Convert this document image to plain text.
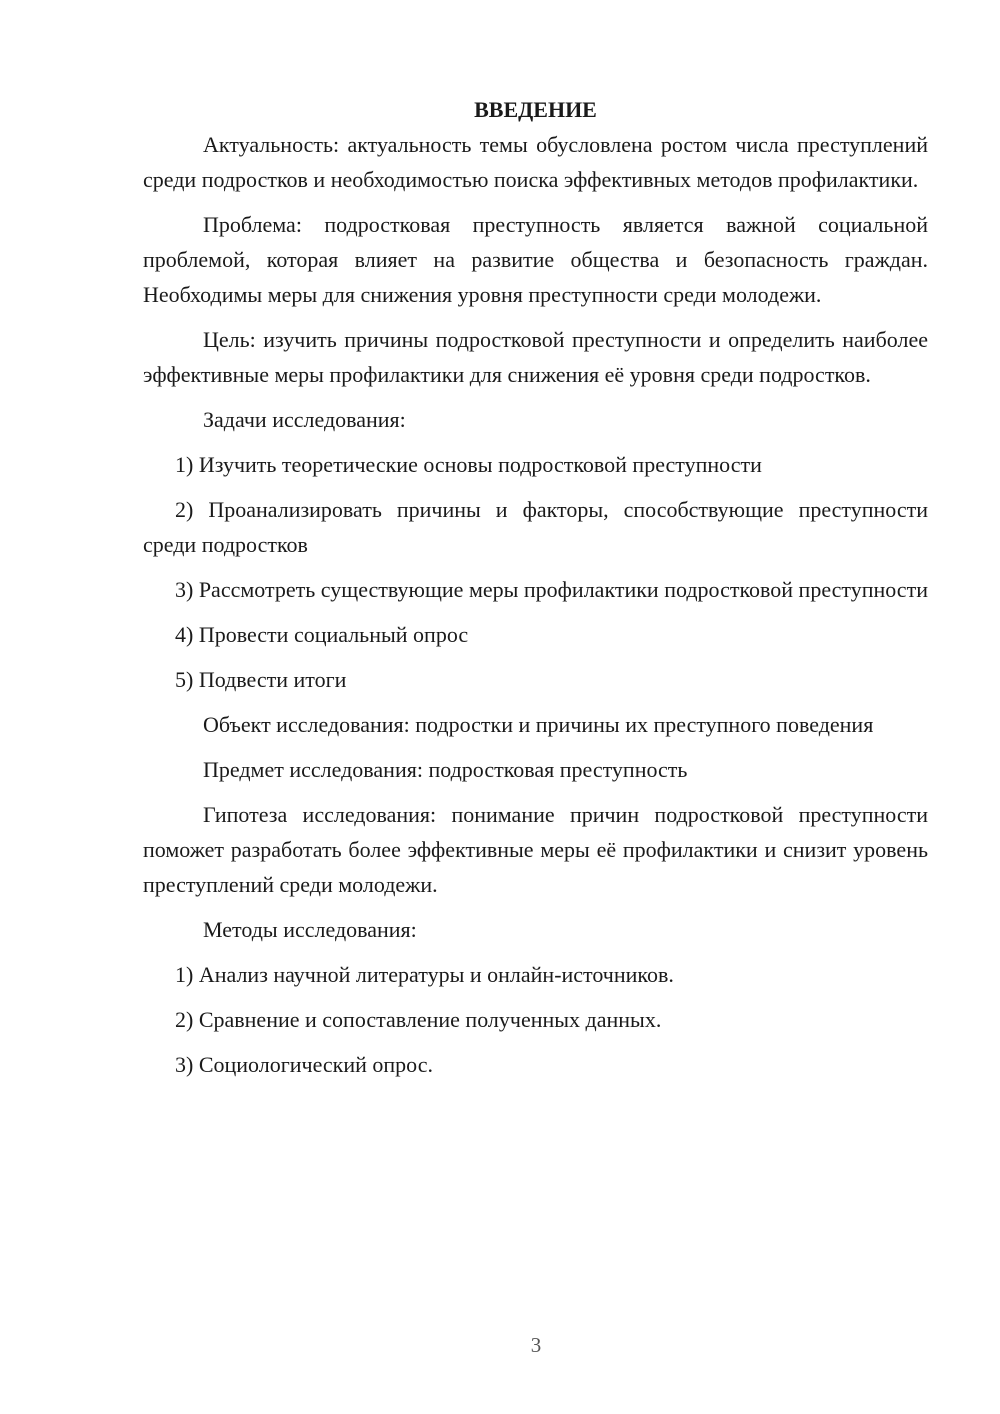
ВВЕДЕНИЕ

Актуальность: актуальность темы обусловлена ростом числа преступлений среди подростков и необходимостью поиска эффективных методов профилактики.

Проблема: подростковая преступность является важной социальной проблемой, которая влияет на развитие общества и безопасность граждан. Необходимы меры для снижения уровня преступности среди молодежи.

Цель: изучить причины подростковой преступности и определить наиболее эффективные меры профилактики для снижения её уровня среди подростков.

Задачи исследования:

1) Изучить теоретические основы подростковой преступности

2) Проанализировать причины и факторы, способствующие преступности среди подростков

3) Рассмотреть существующие меры профилактики подростковой преступности

4) Провести социальный опрос

5) Подвести итоги

Объект исследования: подростки и причины их преступного поведения

Предмет исследования: подростковая преступность

Гипотеза исследования: понимание причин подростковой преступности поможет разработать более эффективные меры её профилактики и снизит уровень преступлений среди молодежи.

Методы исследования:

1) Анализ научной литературы и онлайн-источников.

2) Сравнение и сопоставление полученных данных.

3) Социологический опрос.

3
